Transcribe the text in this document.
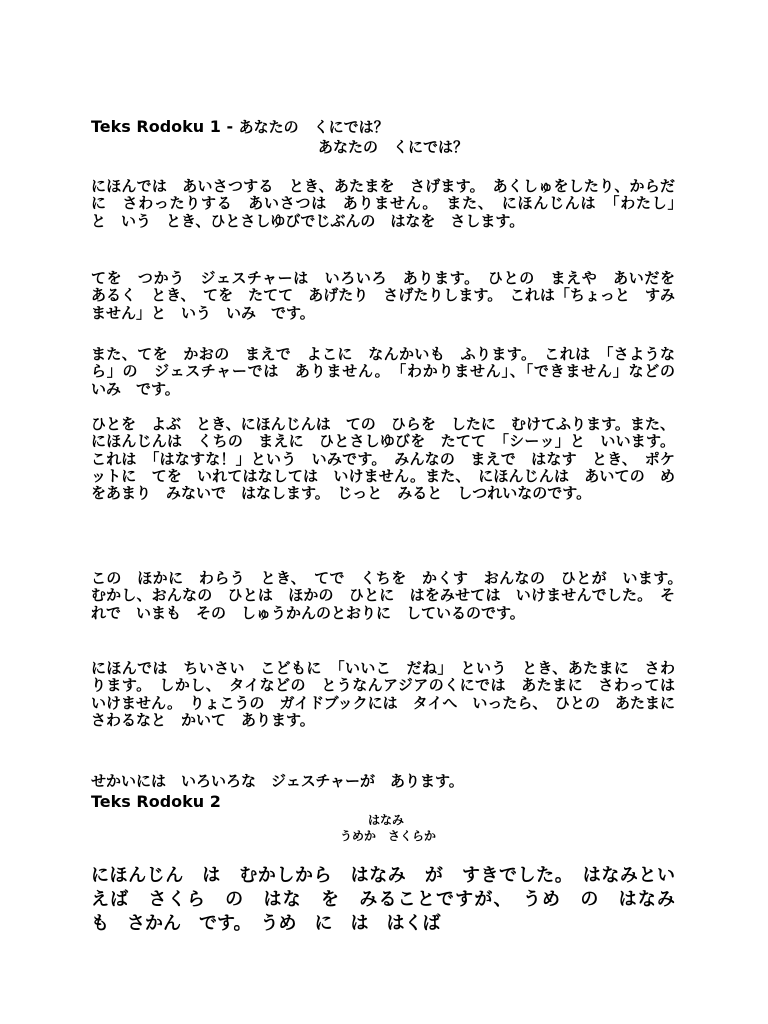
Teks Rodoku 1 - あなたの　くにでは？
あなたの　くにでは？

にほんでは　あいさつする　とき、あたまを　さげます。　あくしゅをしたり、からだに　さわったりする　あいさつは　ありません。　また、　にほんじんは　「わたし」　と　いう　とき、ひとさしゆびでじぶんの　はなを　さします。

てを　つかう　ジェスチャーは　いろいろ　あります。　ひとの　まえや　あいだを　あるく　とき、　てを　たてて　あげたり　さげたりします。　これは「ちょっと　すみません」と　いう　いみ　です。

また、てを　かおの　まえで　よこに　なんかいも　ふります。　これは　「さようなら」の　ジェスチャーでは　ありません。　「わかりません」、「できません」などの　いみ　です。

ひとを　よぶ　とき、にほんじんは　ての　ひらを　したに　むけてふります。また、にほんじんは　くちの　まえに　ひとさしゆびを　たてて　「シーッ」と　いいます。これは　「はなすな！」という　いみです。　みんなの　まえで　はなす　とき、　ポケットに　てを　いれてはなしては　いけません。また、　にほんじんは　あいての　めをあまり　みないで　はなします。　じっと　みると　しつれいなのです。

この　ほかに　わらう　とき、　てで　くちを　かくす　おんなの　ひとが　います。　むかし、おんなの　ひとは　ほかの　ひとに　はをみせては　いけませんでした。　それで　いまも　その　しゅうかんのとおりに　しているのです。

にほんでは　ちいさい　こどもに　「いいこ　だね」　という　とき、あたまに　さわります。　しかし、　タイなどの　とうなんアジアのくにでは　あたまに　さわっては　いけません。　りょこうの　ガイドブックには　タイへ　いったら、　ひとの　あたまに　さわるなと　かいて　あります。

せかいには　いろいろな　ジェスチャーが　あります。

Teks Rodoku 2
はなみ
うめか　さくらか

にほんじん　は　むかしから　はなみ　が　すきでした。　はなみといえば　さくら　の　はな　を　みることですが、　うめ　の　はなみ　も　さかん　です。　うめ　に　は　はくば
